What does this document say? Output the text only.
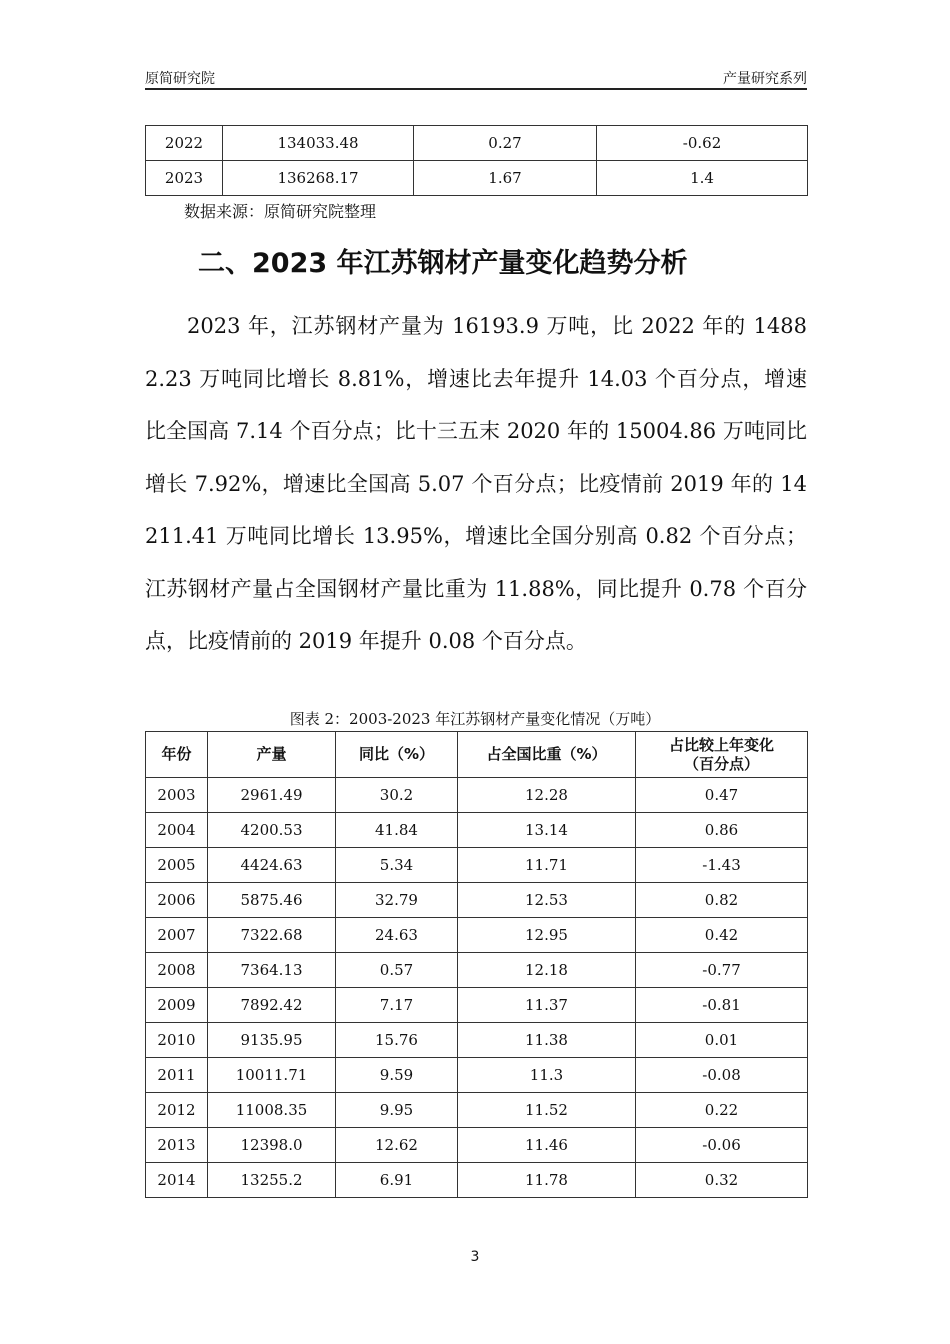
原简研究院	产量研究系列
2022	134033.48	0.27	-0.62
2023	136268.17	1.67	1.4
数据来源：原简研究院整理
二、2023 年江苏钢材产量变化趋势分析
2023 年，江苏钢材产量为 16193.9 万吨，比 2022 年的 14882.23 万吨同比增长 8.81%，增速比去年提升 14.03 个百分点，增速比全国高 7.14 个百分点；比十三五末 2020 年的 15004.86 万吨同比增长 7.92%，增速比全国高 5.07 个百分点；比疫情前 2019 年的 14211.41 万吨同比增长 13.95%，增速比全国分别高 0.82 个百分点；江苏钢材产量占全国钢材产量比重为 11.88%，同比提升 0.78 个百分点，比疫情前的 2019 年提升 0.08 个百分点。
图表 2：2003-2023 年江苏钢材产量变化情况（万吨）
年份	产量	同比（%）	占全国比重（%）	占比较上年变化
（百分点）

2003	2961.49	30.2	12.28	0.47
2004	4200.53	41.84	13.14	0.86
2005	4424.63	5.34	11.71	-1.43
2006	5875.46	32.79	12.53	0.82
2007	7322.68	24.63	12.95	0.42
2008	7364.13	0.57	12.18	-0.77
2009	7892.42	7.17	11.37	-0.81
2010	9135.95	15.76	11.38	0.01
2011	10011.71	9.59	11.3	-0.08
2012	11008.35	9.95	11.52	0.22
2013	12398.0	12.62	11.46	-0.06
2014	13255.2	6.91	11.78	0.32
3
